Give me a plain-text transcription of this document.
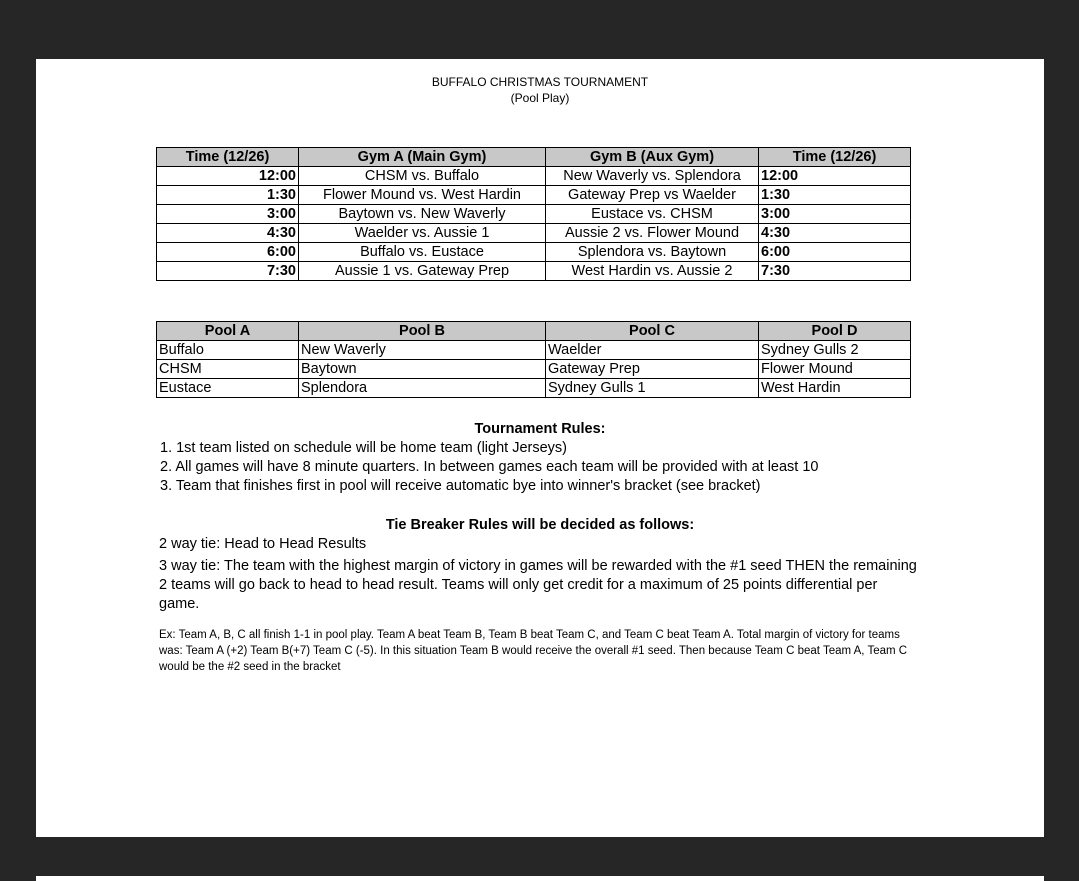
BUFFALO CHRISTMAS TOURNAMENT
(Pool Play)
Time (12/26)	Gym A (Main Gym)	Gym B (Aux Gym)	Time (12/26)
12:00	CHSM vs. Buffalo	New Waverly vs. Splendora	12:00
1:30	Flower Mound vs. West Hardin	Gateway Prep vs Waelder	1:30
3:00	Baytown vs. New Waverly	Eustace vs. CHSM	3:00
4:30	Waelder vs. Aussie 1	Aussie 2 vs. Flower Mound	4:30
6:00	Buffalo vs. Eustace	Splendora vs. Baytown	6:00
7:30	Aussie 1 vs. Gateway Prep	West Hardin vs. Aussie 2	7:30
Pool A	Pool B	Pool C	Pool D
Buffalo	New Waverly	Waelder	Sydney Gulls 2
CHSM	Baytown	Gateway Prep	Flower Mound
Eustace	Splendora	Sydney Gulls 1	West Hardin
Tournament Rules:
1. 1st team listed on schedule will be home team (light Jerseys)
2. All games will have 8 minute quarters. In between games each team will be provided with at least 10
3. Team that finishes first in pool will receive automatic bye into winner's bracket (see bracket)
Tie Breaker Rules will be decided as follows:
2 way tie: Head to Head Results
3 way tie: The team with the highest margin of victory in games will be rewarded with the #1 seed THEN the remaining 2 teams will go back to head to head result. Teams will only get credit for a maximum of 25 points differential per game.
Ex: Team A, B, C all finish 1-1 in pool play. Team A beat Team B, Team B beat Team C, and Team C beat Team A. Total margin of victory for teams was: Team A (+2) Team B(+7) Team C (-5). In this situation Team B would receive the overall #1 seed. Then because Team C beat Team A, Team C would be the #2 seed in the bracket
